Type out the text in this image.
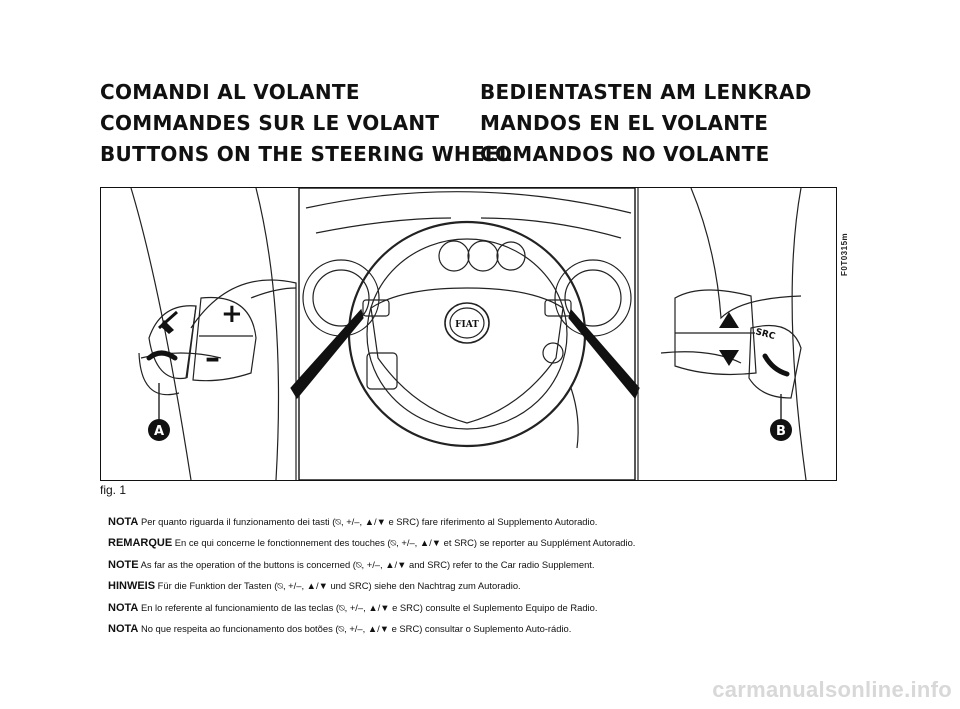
COMANDI AL VOLANTE
COMMANDES SUR LE VOLANT
BUTTONS ON THE STEERING WHEEL
BEDIENTASTEN AM LENKRAD
MANDOS EN EL VOLANTE
COMANDOS NO VOLANTE
+
–
A
FIAT
SRC
B
F0T0315m
fig. 1
NOTA Per quanto riguarda il funzionamento dei tasti (⍉, +/–, ▲/▼ e SRC) fare riferimento al Supplemento Autoradio.
REMARQUE En ce qui concerne le fonctionnement des touches (⍉, +/–, ▲/▼ et SRC) se reporter au Supplément Autoradio.
NOTE As far as the operation of the buttons is concerned (⍉, +/–, ▲/▼ and SRC) refer to the Car radio Supplement.
HINWEIS Für die Funktion der Tasten (⍉, +/–, ▲/▼ und SRC) siehe den Nachtrag zum Autoradio.
NOTA En lo referente al funcionamiento de las teclas (⍉, +/–, ▲/▼ e SRC) consulte el Suplemento Equipo de Radio.
NOTA No que respeita ao funcionamento dos botões (⍉, +/–, ▲/▼ e SRC) consultar o Suplemento Auto-rádio.
carmanualsonline.info
